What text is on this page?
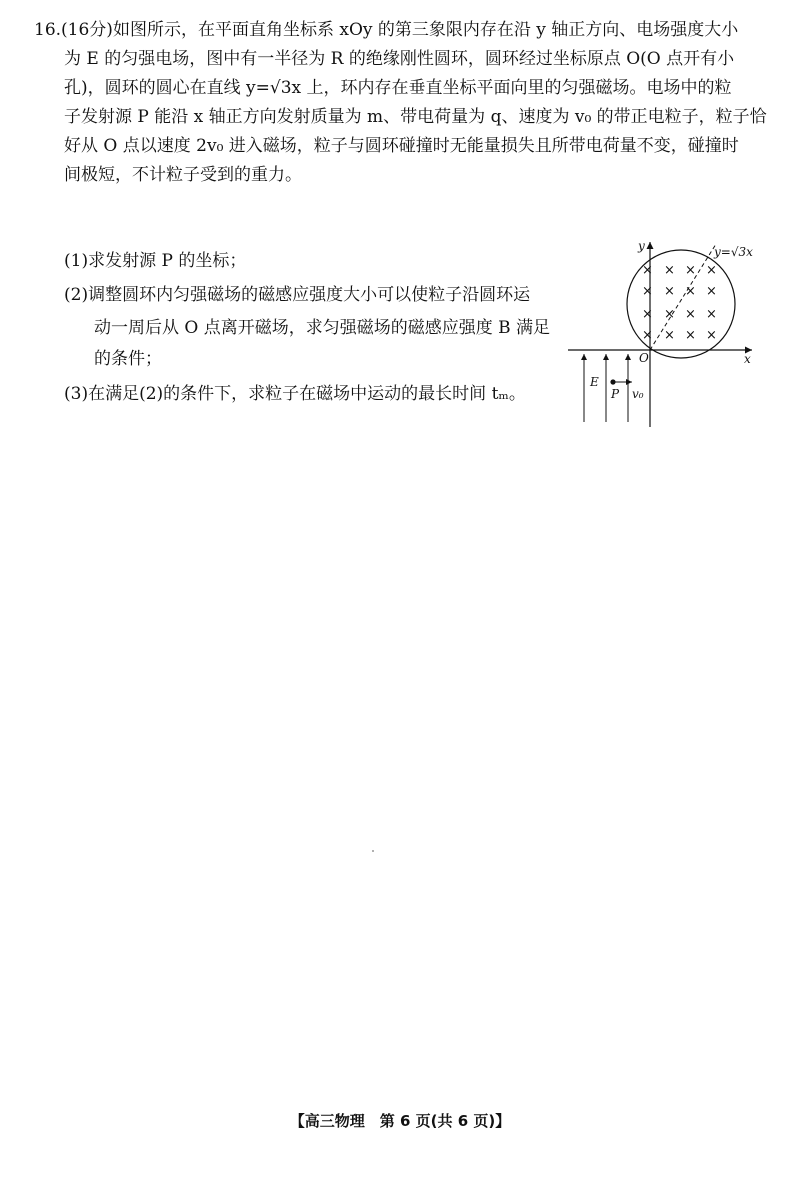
16.(16分)如图所示，在平面直角坐标系 xOy 的第三象限内存在沿 y 轴正方向、电场强度大小
为 E 的匀强电场，图中有一半径为 R 的绝缘刚性圆环，圆环经过坐标原点 O(O 点开有小
孔)，圆环的圆心在直线 y=√3x 上，环内存在垂直坐标平面向里的匀强磁场。电场中的粒
子发射源 P 能沿 x 轴正方向发射质量为 m、带电荷量为 q、速度为 v₀ 的带正电粒子，粒子恰
好从 O 点以速度 2v₀ 进入磁场，粒子与圆环碰撞时无能量损失且所带电荷量不变，碰撞时
间极短，不计粒子受到的重力。
(1)求发射源 P 的坐标；
(2)调整圆环内匀强磁场的磁感应强度大小可以使粒子沿圆环运
动一周后从 O 点离开磁场，求匀强磁场的磁感应强度 B 满足
的条件；
(3)在满足(2)的条件下，求粒子在磁场中运动的最长时间 tₘ。
y
x
O
y=√3x
× × × ×
× × × ×
× × × ×
× × × ×
E
P v₀
【高三物理　第 6 页(共 6 页)】
